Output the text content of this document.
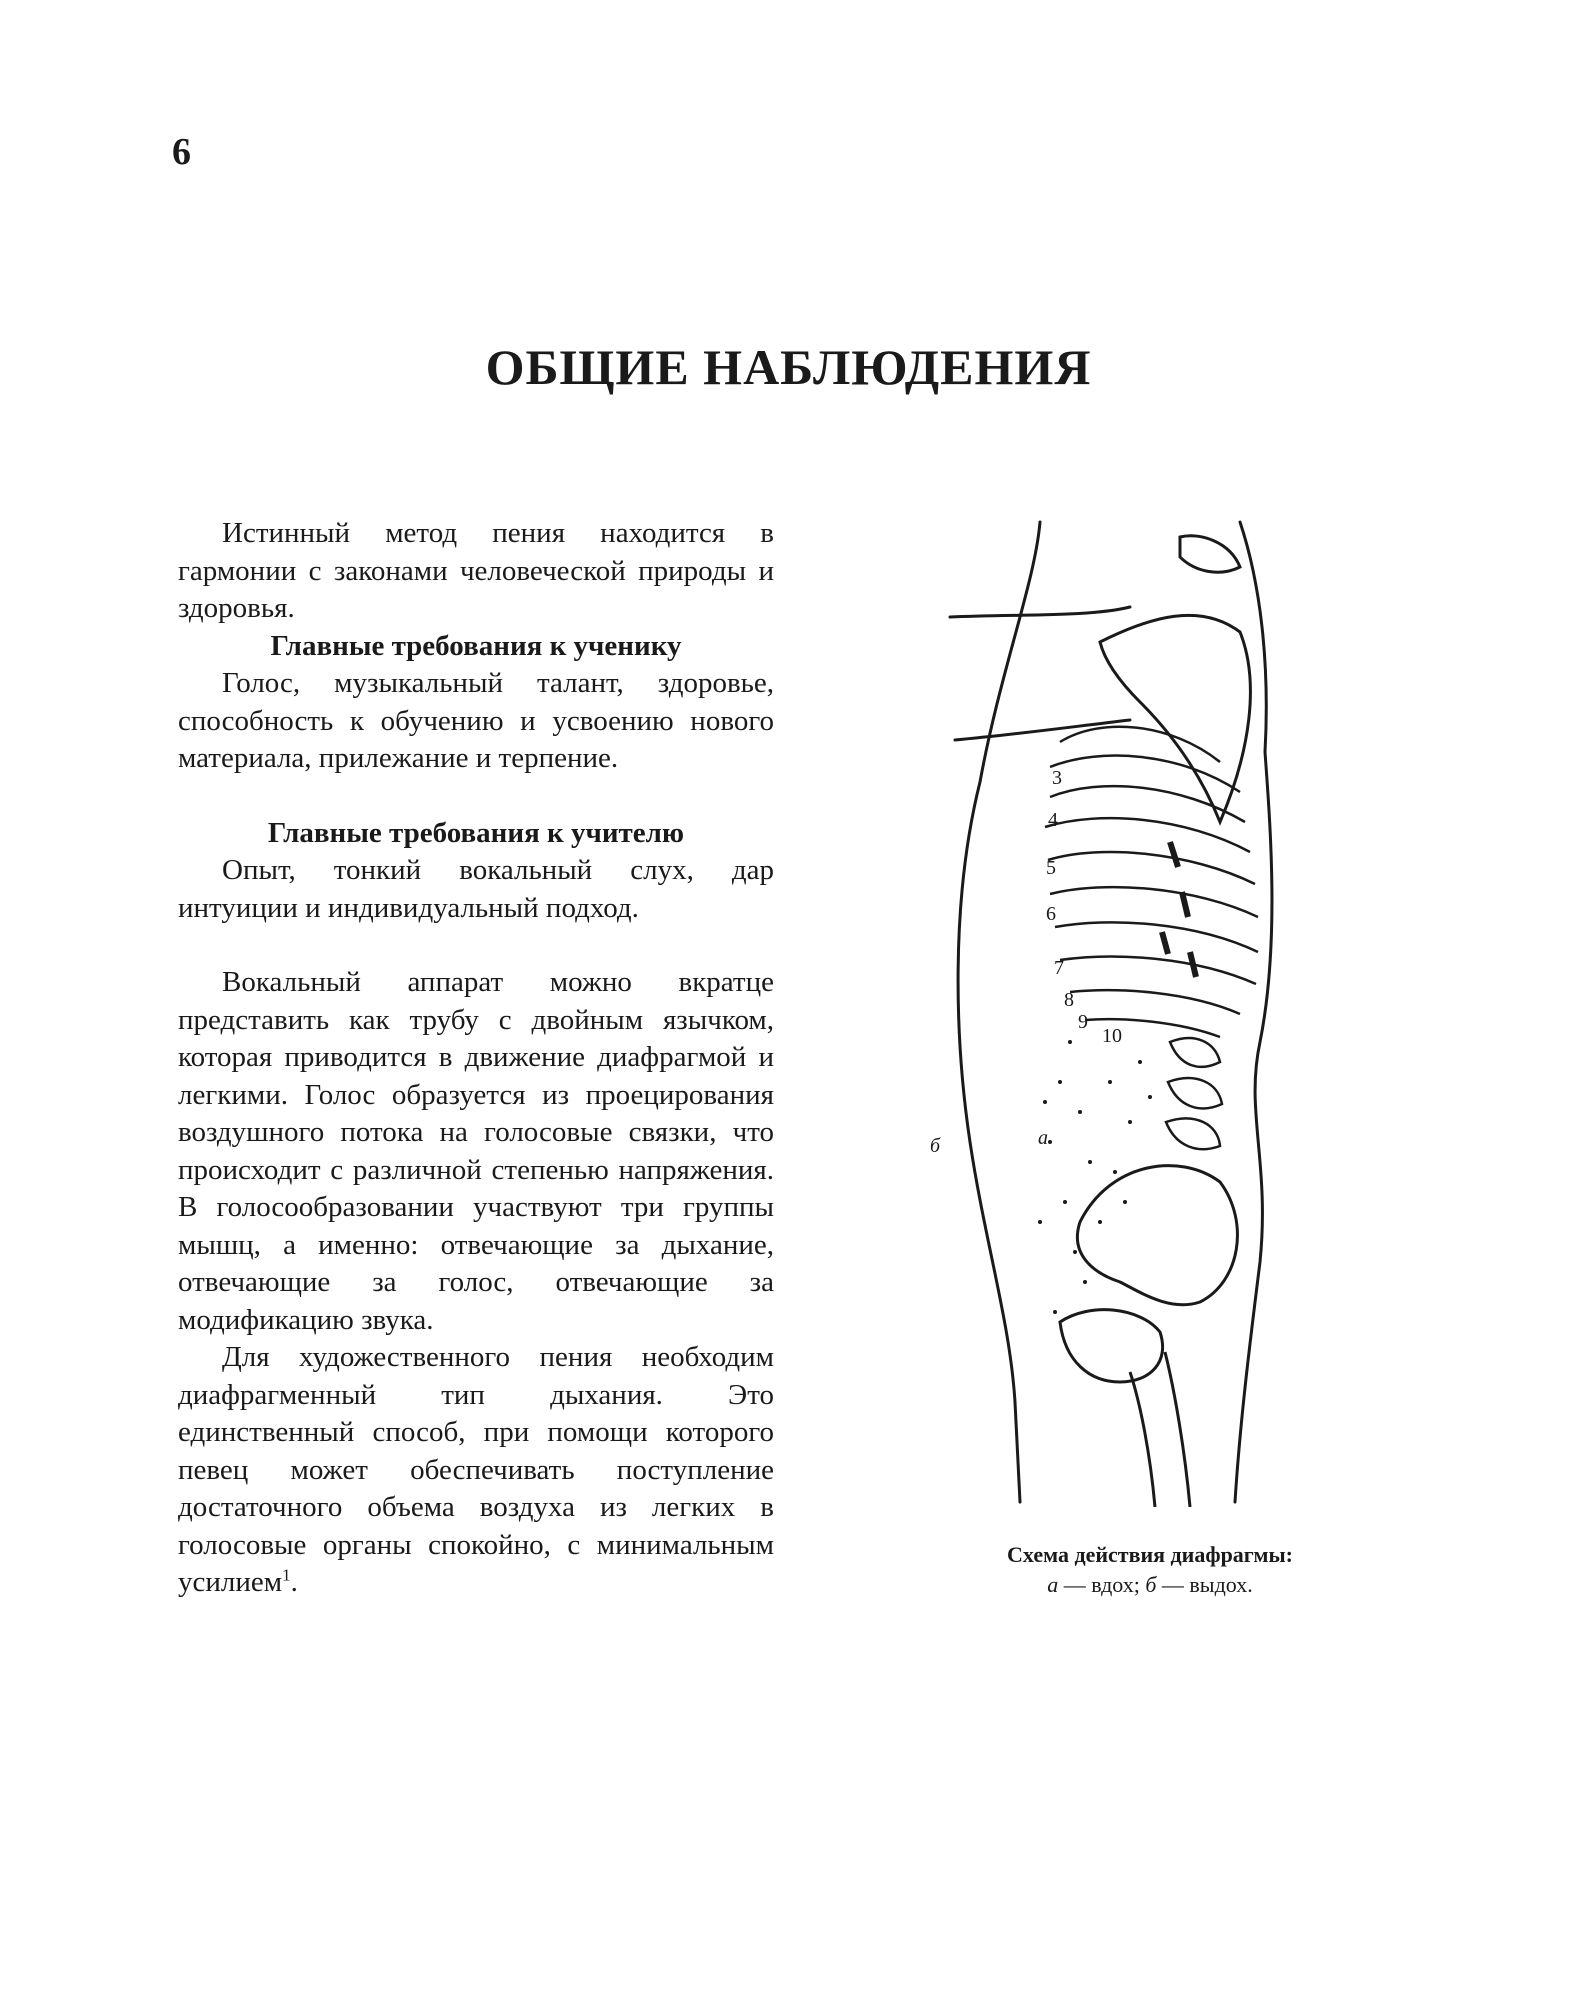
6
ОБЩИЕ НАБЛЮДЕНИЯ

Истинный метод пения находится в гармонии с законами человеческой природы и здоровья.

Главные требования к ученику

Голос, музыкальный талант, здоровье, способность к обучению и усвоению нового материала, прилежание и терпение.

Главные требования к учителю

Опыт, тонкий вокальный слух, дар интуиции и индивидуальный подход.

Вокальный аппарат можно вкратце представить как трубу с двойным язычком, которая приводится в движение диафрагмой и легкими. Голос образуется из проецирования воздушного потока на голосовые связки, что происходит с различной степенью напряжения. В голосообразовании участвуют три группы мышц, а именно: отвечающие за дыхание, отвечающие за голос, отвечающие за модификацию звука.

Для художественного пения необходим диафрагменный тип дыхания. Это единственный способ, при помощи которого певец может обеспечивать поступление достаточного объема воздуха из легких в голосовые органы спокойно, с минимальным усилием$^1$.

б	а
3
4
5
6
7
8
9
10
Схема действия диафрагмы:
а — вдох; б — выдох.
